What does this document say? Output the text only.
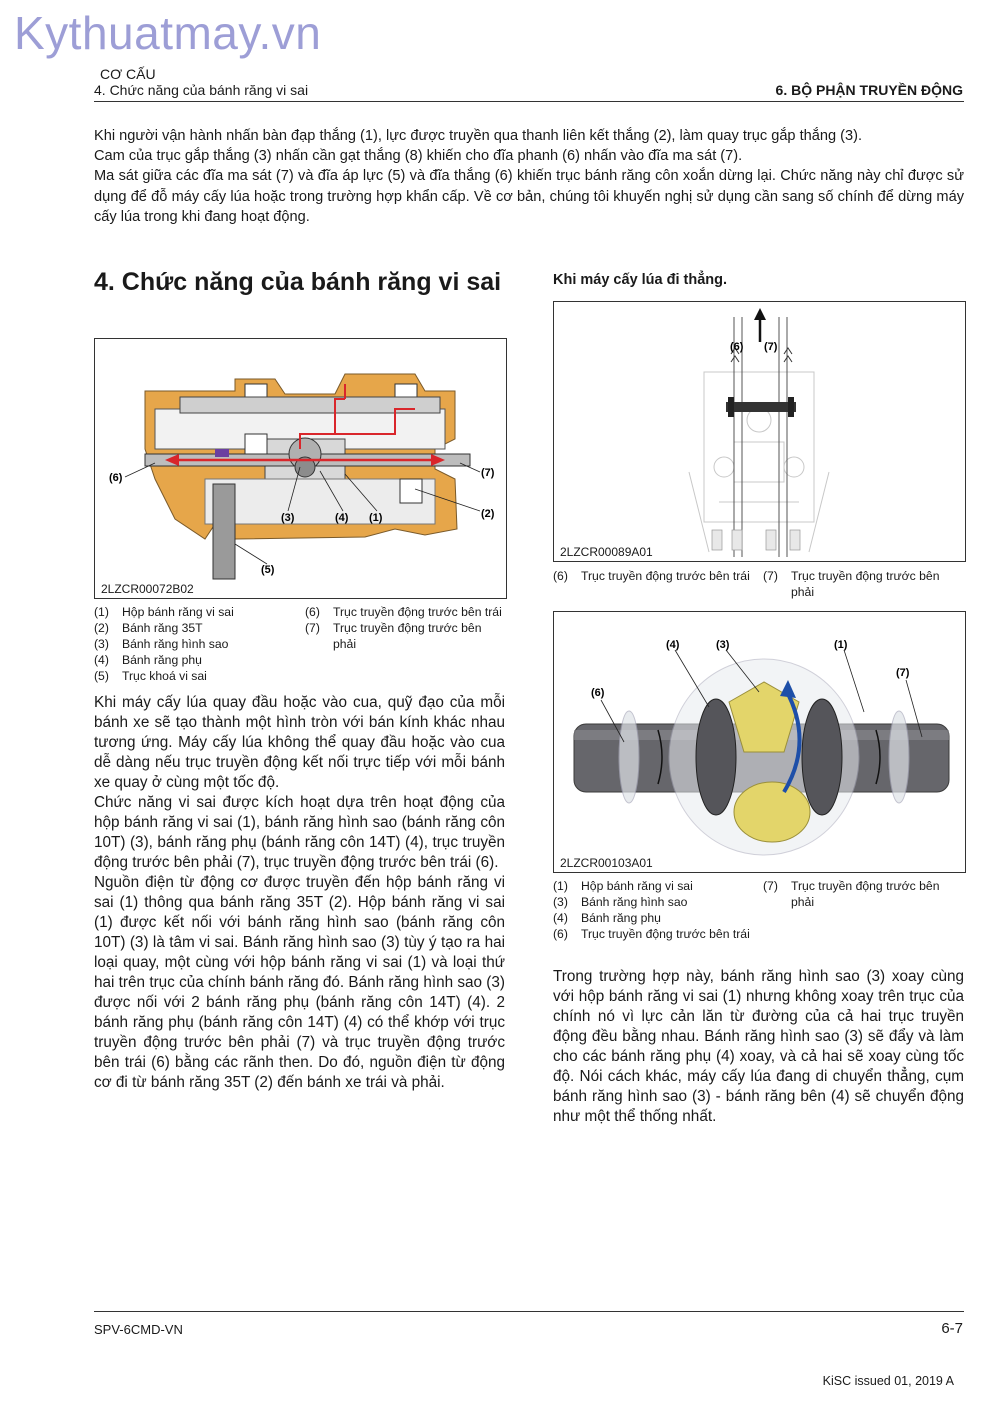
Kythuatmay.vn
CƠ CẤU
4. Chức năng của bánh răng vi sai	6. BỘ PHẬN TRUYỀN ĐỘNG

Khi người vận hành nhấn bàn đạp thắng (1), lực được truyền qua thanh liên kết thắng (2), làm quay trục gắp thắng (3).

Cam của trục gắp thắng (3) nhấn cần gạt thắng (8) khiến cho đĩa phanh (6) nhấn vào đĩa ma sát (7).

Ma sát giữa các đĩa ma sát (7) và đĩa áp lực (5) và đĩa thắng (6) khiến trục bánh răng côn xoắn dừng lại. Chức năng này chỉ được sử dụng để đỗ máy cấy lúa hoặc trong trường hợp khẩn cấp. Về cơ bản, chúng tôi khuyến nghị sử dụng cần sang số chính để dừng máy cấy lúa trong khi đang hoạt động.

4. Chức năng của bánh răng vi sai
(6)	(7)
(2)
(1)
(4)
(3)
(5)
2LZCR00072B02
(1)	Hộp bánh răng vi sai
(2)	Bánh răng 35T
(3)	Bánh răng hình sao
(4)	Bánh răng phụ
(5)	Trục khoá vi sai
(6)	Trục truyền động trước bên trái
(7)	Trục truyền động trước bên phải

Khi máy cấy lúa quay đầu hoặc vào cua, quỹ đạo của mỗi bánh xe sẽ tạo thành một hình tròn với bán kính khác nhau tương ứng. Máy cấy lúa không thể quay đầu hoặc vào cua dễ dàng nếu trục truyền động kết nối trực tiếp với mỗi bánh xe quay ở cùng một tốc độ.

Chức năng vi sai được kích hoạt dựa trên hoạt động của hộp bánh răng vi sai (1), bánh răng hình sao (bánh răng côn 10T) (3), bánh răng phụ (bánh răng côn 14T) (4), trục truyền động trước bên phải (7), trục truyền động trước bên trái (6).

Nguồn điện từ động cơ được truyền đến hộp bánh răng vi sai (1) thông qua bánh răng 35T (2). Hộp bánh răng vi sai (1) được kết nối với bánh răng hình sao (bánh răng côn 10T) (3) là tâm vi sai. Bánh răng hình sao (3) tùy ý tạo ra hai loại quay, một cùng với hộp bánh răng vi sai (1) và loại thứ hai trên trục của chính bánh răng đó. Bánh răng hình sao (3) được nối với 2 bánh răng phụ (bánh răng côn 14T) (4). 2 bánh răng phụ (bánh răng côn 14T) (4) có thể khớp với trục truyền động trước bên phải (7) và trục truyền động trước bên trái (6) bằng các rãnh then. Do đó, nguồn điện từ động cơ đi từ bánh răng 35T (2) đến bánh xe trái và phải.

Khi máy cấy lúa đi thẳng.
(6) (7)
2LZCR00089A01
(6)	Trục truyền động trước bên trái (7)	Trục truyền động trước bên phải
(6)
(4)	(3)	(1)
(7)
2LZCR00103A01
(1)	Hộp bánh răng vi sai
(3)	Bánh răng hình sao
(4)	Bánh răng phụ
(6)	Trục truyền động trước bên trái
(7)	Trục truyền động trước bên phải
Trong trường hợp này, bánh răng hình sao (3) xoay cùng với hộp bánh răng vi sai (1) nhưng không xoay trên trục của chính nó vì lực cản lăn từ đường của cả hai trục truyền động đều bằng nhau. Bánh răng hình sao (3) sẽ đẩy và làm cho các bánh răng phụ (4) xoay, và cả hai sẽ xoay cùng tốc độ. Nói cách khác, máy cấy lúa đang di chuyển thẳng, cụm bánh răng hình sao (3) - bánh răng bên (4) sẽ chuyển động như một thể thống nhất.
SPV-6CMD-VN	6-7
KiSC issued 01, 2019 A
